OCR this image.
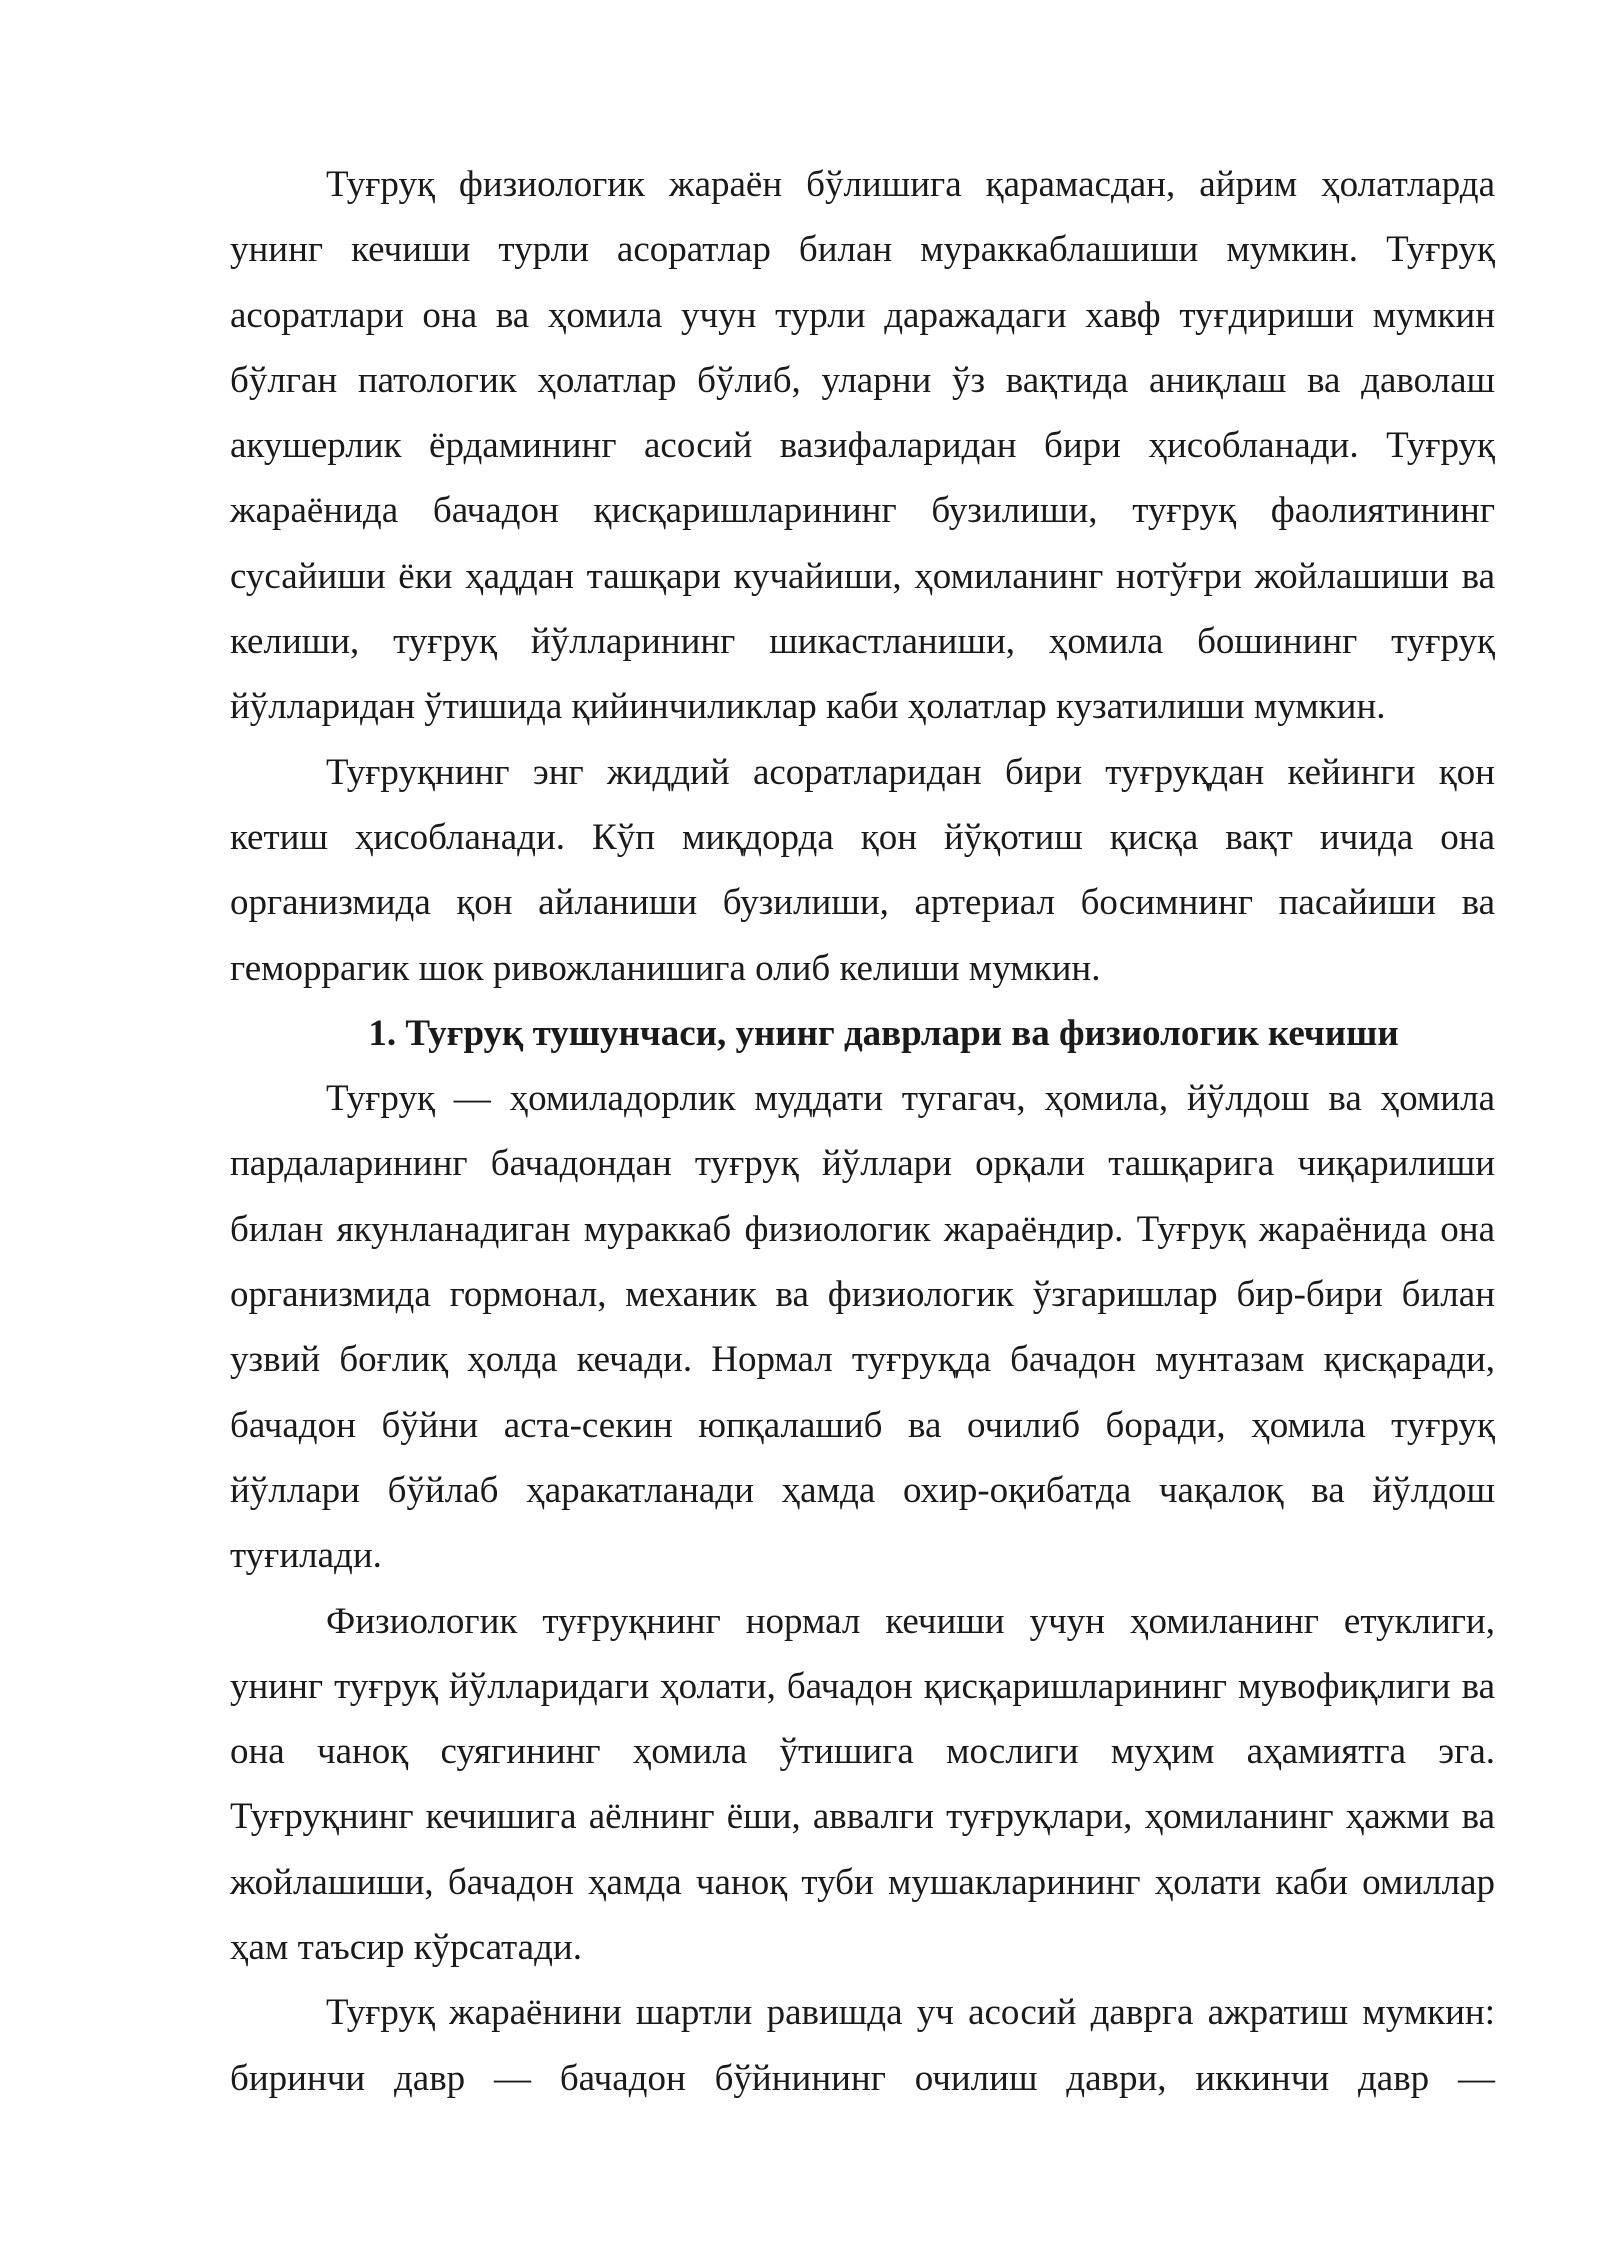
Туғруқ физиологик жараён бўлишига қарамасдан, айрим ҳолатларда унинг кечиши турли асоратлар билан мураккаблашиши мумкин. Туғруқ асоратлари она ва ҳомила учун турли даражадаги хавф туғдириши мумкин бўлган патологик ҳолатлар бўлиб, уларни ўз вақтида аниқлаш ва даволаш акушерлик ёрдамининг асосий вазифаларидан бири ҳисобланади. Туғруқ жараёнида бачадон қисқаришларининг бузилиши, туғруқ фаолиятининг сусайиши ёки ҳаддан ташқари кучайиши, ҳомиланинг нотўғри жойлашиши ва келиши, туғруқ йўлларининг шикастланиши, ҳомила бошининг туғруқ йўлларидан ўтишида қийинчиликлар каби ҳолатлар кузатилиши мумкин.

Туғруқнинг энг жиддий асоратларидан бири туғруқдан кейинги қон кетиш ҳисобланади. Кўп миқдорда қон йўқотиш қисқа вақт ичида она организмида қон айланиши бузилиши, артериал босимнинг пасайиши ва геморрагик шок ривожланишига олиб келиши мумкин.

1. Туғруқ тушунчаси, унинг даврлари ва физиологик кечиши

Туғруқ — ҳомиладорлик муддати тугагач, ҳомила, йўлдош ва ҳомила пардаларининг бачадондан туғруқ йўллари орқали ташқарига чиқарилиши билан якунланадиган мураккаб физиологик жараёндир. Туғруқ жараёнида она организмида гормонал, механик ва физиологик ўзгаришлар бир-бири билан узвий боғлиқ ҳолда кечади. Нормал туғруқда бачадон мунтазам қисқаради, бачадон бўйни аста-секин юпқалашиб ва очилиб боради, ҳомила туғруқ йўллари бўйлаб ҳаракатланади ҳамда охир-оқибатда чақалоқ ва йўлдош туғилади.

Физиологик туғруқнинг нормал кечиши учун ҳомиланинг етуклиги, унинг туғруқ йўлларидаги ҳолати, бачадон қисқаришларининг мувофиқлиги ва она чаноқ суягининг ҳомила ўтишига мослиги муҳим аҳамиятга эга. Туғруқнинг кечишига аёлнинг ёши, аввалги туғруқлари, ҳомиланинг ҳажми ва жойлашиши, бачадон ҳамда чаноқ туби мушакларининг ҳолати каби омиллар ҳам таъсир кўрсатади.

Туғруқ жараёнини шартли равишда уч асосий даврга ажратиш мумкин: биринчи давр — бачадон бўйнининг очилиш даври, иккинчи давр —
